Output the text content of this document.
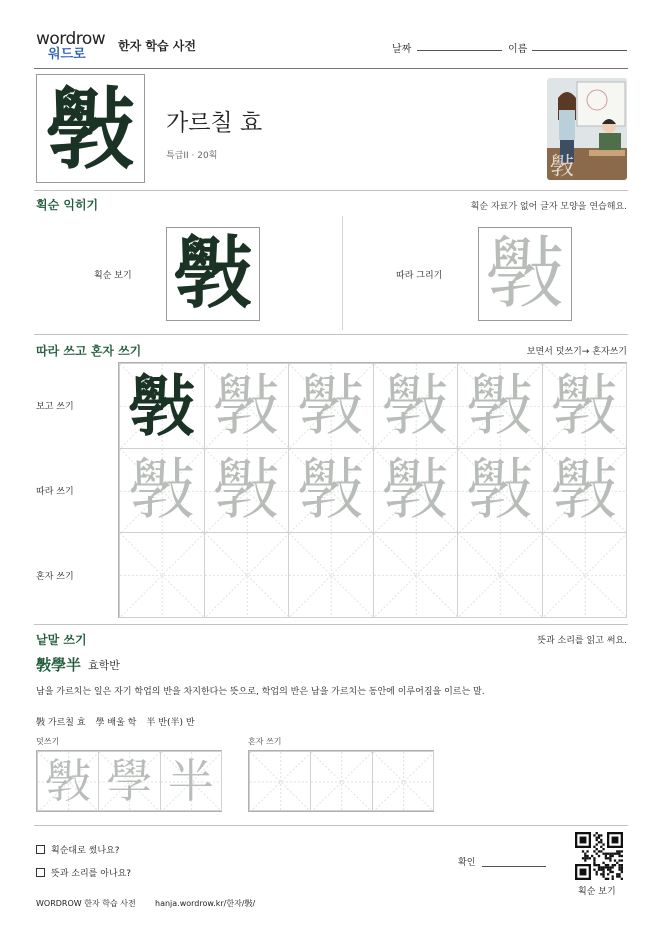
wordrow
워드로
한자 학습 사전	날짜	이름
斅	가르칠 효
특급II · 20획	斅
획순 익히기	획순 자료가 없어 글자 모양을 연습해요.
획순 보기 斅	따라 그리기 斅
따라 쓰고 혼자 쓰기	보면서 덧쓰기→ 혼자쓰기
보고 쓰기
따라 쓰기
혼자 쓰기
斅 斅 斅 斅 斅 斅
斅 斅 斅 斅 斅 斅
낱말 쓰기	뜻과 소리를 읽고 써요.
斅學半 효학반
남을 가르치는 일은 자기 학업의 반을 차지한다는 뜻으로, 학업의 반은 남을 가르치는 동안에 이루어짐을 이르는 말.
斅 가르칠 효 學 배울 학 半 반(半) 반
덧쓰기	혼자 쓰기
斅 學 半
획순대로 썼나요?
뜻과 소리를 아나요?
확인
획순 보기
WORDROW 한자 학습 사전 hanja.wordrow.kr/한자/斅/
